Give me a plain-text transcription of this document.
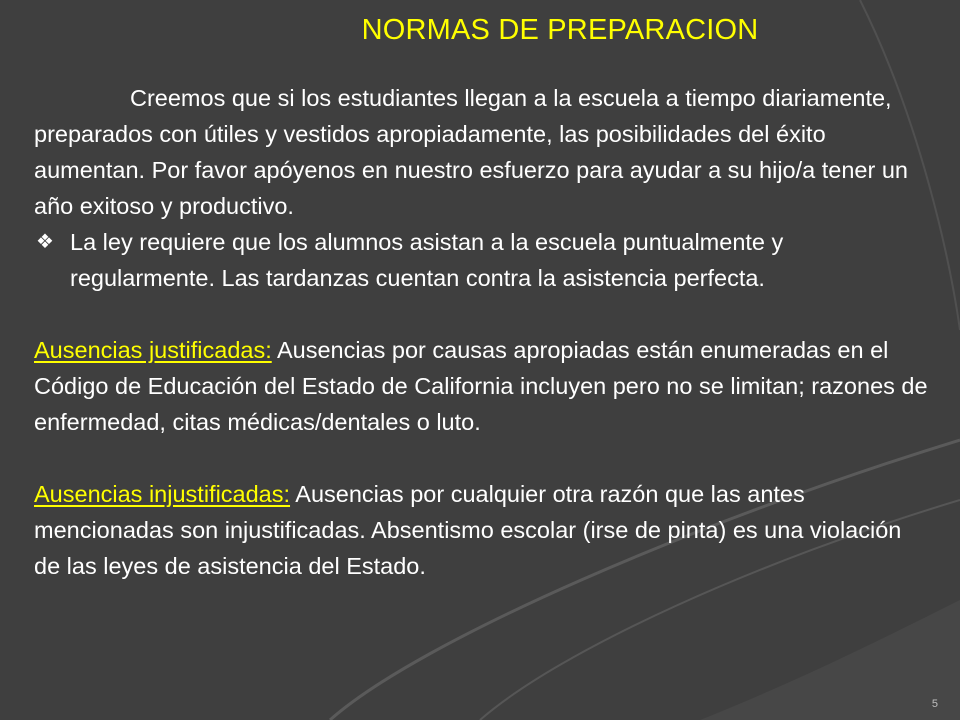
NORMAS DE PREPARACION

Creemos que si los estudiantes llegan a la escuela a tiempo diariamente, preparados con útiles y vestidos apropiadamente, las posibilidades del éxito aumentan. Por favor apóyenos en nuestro esfuerzo para ayudar a su hijo/a tener un año exitoso y productivo.

❖ La ley requiere que los alumnos asistan a la escuela puntualmente y regularmente. Las tardanzas cuentan contra la asistencia perfecta.

Ausencias justificadas: Ausencias por causas apropiadas están enumeradas en el Código de Educación del Estado de California incluyen pero no se limitan; razones de enfermedad, citas médicas/dentales o luto.

Ausencias injustificadas: Ausencias por cualquier otra razón que las antes mencionadas son injustificadas. Absentismo escolar (irse de pinta) es una violación de las leyes de asistencia del Estado.

5
